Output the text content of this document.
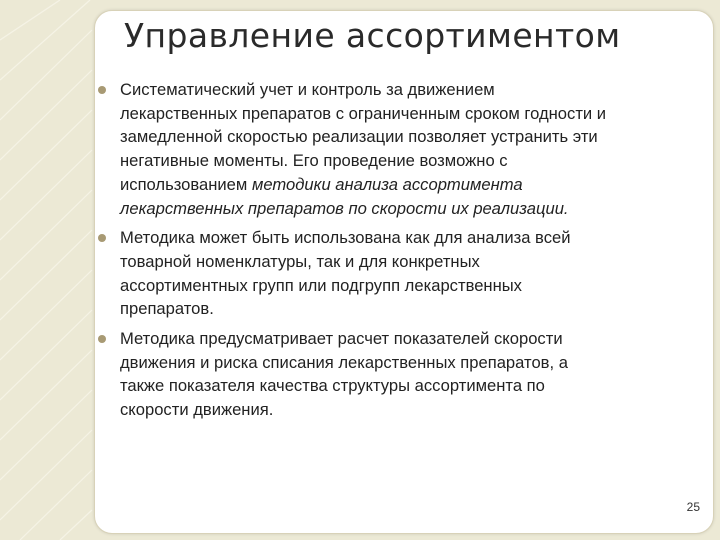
Управление ассортиментом
Систематический учет и контроль за движением
лекарственных препаратов с ограниченным сроком годности и
замедленной скоростью реализации позволяет устранить эти
негативные моменты. Его проведение возможно с
использованием методики анализа ассортимента
лекарственных препаратов по скорости их реализации.
Методика может быть использована как для анализа всей
товарной номенклатуры, так и для конкретных
ассортиментных групп или подгрупп лекарственных
препаратов.
Методика предусматривает расчет показателей скорости
движения и риска списания лекарственных препаратов, а
также показателя качества структуры ассортимента по
скорости движения.
25
